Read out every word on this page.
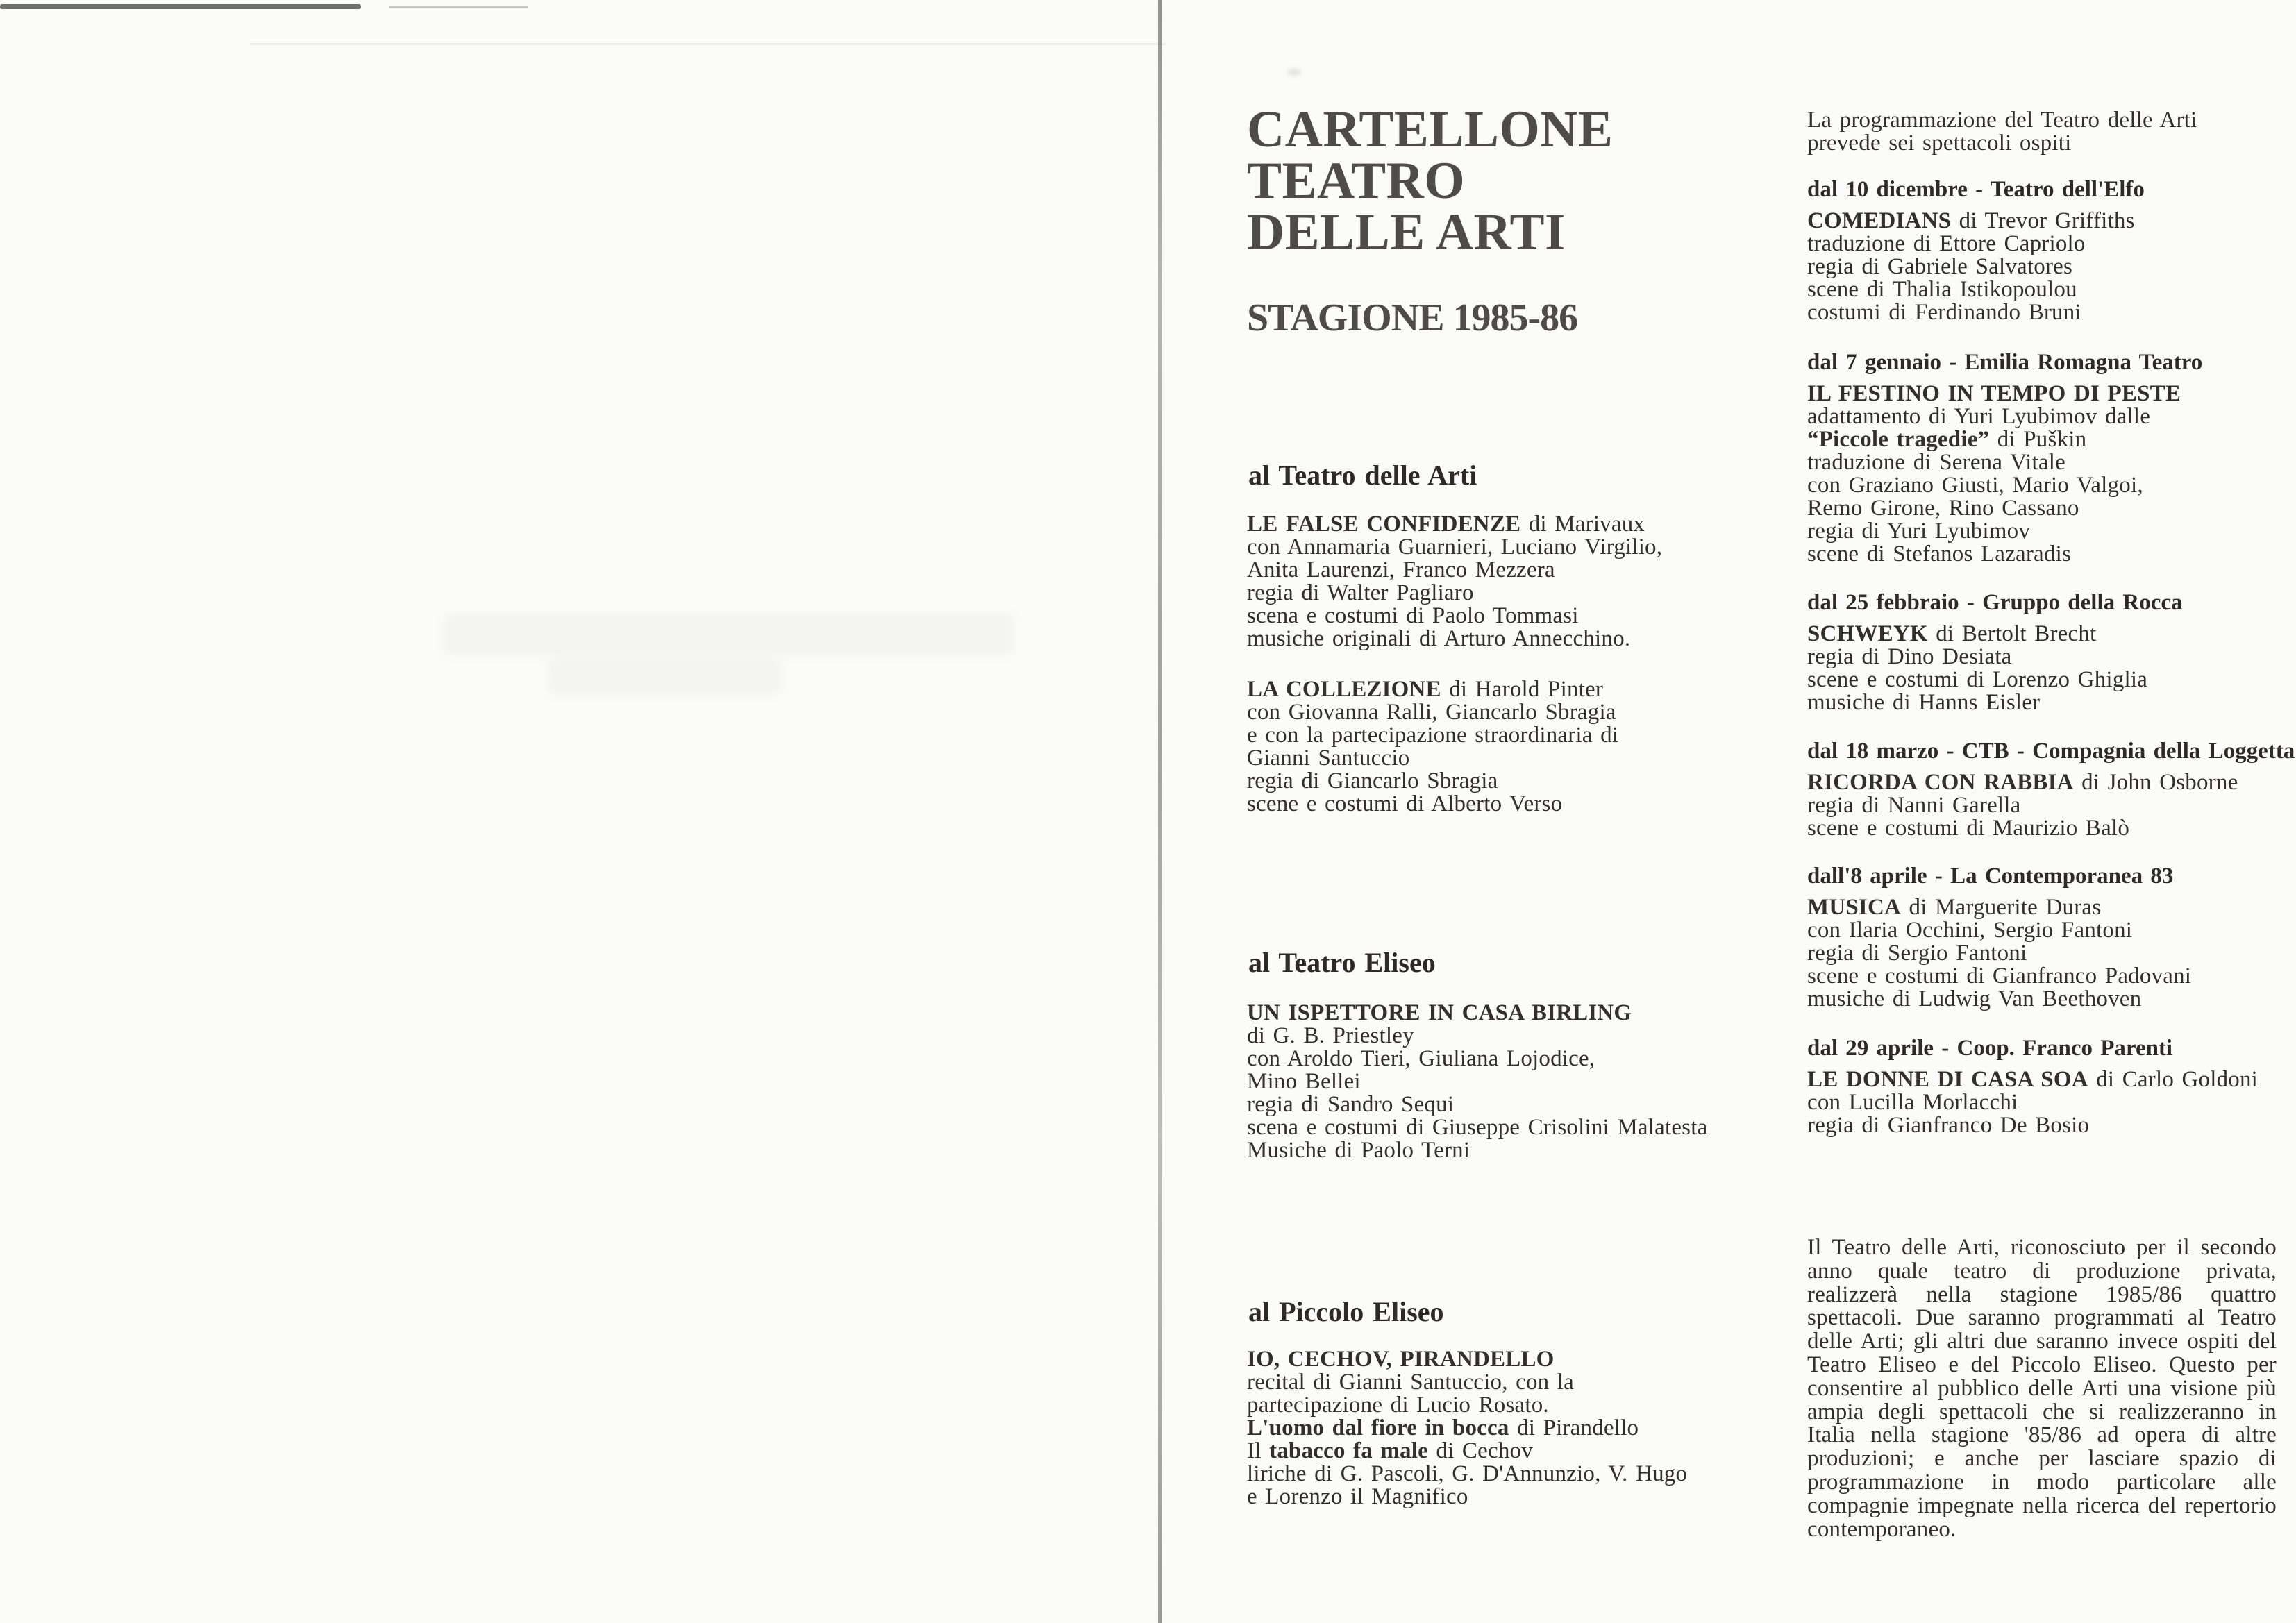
CARTELLONE
TEATRO
DELLE ARTI
STAGIONE 1985-86
al Teatro delle Arti
LE FALSE CONFIDENZE di Marivaux
con Annamaria Guarnieri, Luciano Virgilio,
Anita Laurenzi, Franco Mezzera
regia di Walter Pagliaro
scena e costumi di Paolo Tommasi
musiche originali di Arturo Annecchino.
LA COLLEZIONE di Harold Pinter
con Giovanna Ralli, Giancarlo Sbragia
e con la partecipazione straordinaria di
Gianni Santuccio
regia di Giancarlo Sbragia
scene e costumi di Alberto Verso
al Teatro Eliseo
UN ISPETTORE IN CASA BIRLING
di G. B. Priestley
con Aroldo Tieri, Giuliana Lojodice,
Mino Bellei
regia di Sandro Sequi
scena e costumi di Giuseppe Crisolini Malatesta
Musiche di Paolo Terni
al Piccolo Eliseo
IO, CECHOV, PIRANDELLO
recital di Gianni Santuccio, con la
partecipazione di Lucio Rosato.
L'uomo dal fiore in bocca di Pirandello
Il tabacco fa male di Cechov
liriche di G. Pascoli, G. D'Annunzio, V. Hugo
e Lorenzo il Magnifico
La programmazione del Teatro delle Arti
prevede sei spettacoli ospiti
dal 10 dicembre - Teatro dell'Elfo
COMEDIANS di Trevor Griffiths
traduzione di Ettore Capriolo
regia di Gabriele Salvatores
scene di Thalia Istikopoulou
costumi di Ferdinando Bruni
dal 7 gennaio - Emilia Romagna Teatro
IL FESTINO IN TEMPO DI PESTE
adattamento di Yuri Lyubimov dalle
“Piccole tragedie” di Puškin
traduzione di Serena Vitale
con Graziano Giusti, Mario Valgoi,
Remo Girone, Rino Cassano
regia di Yuri Lyubimov
scene di Stefanos Lazaradis
dal 25 febbraio - Gruppo della Rocca
SCHWEYK di Bertolt Brecht
regia di Dino Desiata
scene e costumi di Lorenzo Ghiglia
musiche di Hanns Eisler
dal 18 marzo - CTB - Compagnia della Loggetta
RICORDA CON RABBIA di John Osborne
regia di Nanni Garella
scene e costumi di Maurizio Balò
dall'8 aprile - La Contemporanea 83
MUSICA di Marguerite Duras
con Ilaria Occhini, Sergio Fantoni
regia di Sergio Fantoni
scene e costumi di Gianfranco Padovani
musiche di Ludwig Van Beethoven
dal 29 aprile - Coop. Franco Parenti
LE DONNE DI CASA SOA di Carlo Goldoni
con Lucilla Morlacchi
regia di Gianfranco De Bosio
Il Teatro delle Arti, riconosciuto per il secondo anno quale teatro di produzione privata, realizzerà nella stagione 1985/86 quattro spettacoli. Due saranno programmati al Teatro delle Arti; gli altri due saranno invece ospiti del Teatro Eliseo e del Piccolo Eliseo. Questo per consentire al pubblico delle Arti una visione più ampia degli spettacoli che si realizzeranno in Italia nella stagione '85/86 ad opera di altre produzioni; e anche per lasciare spazio di programmazione in modo particolare alle compagnie impegnate nella ricerca del repertorio contemporaneo.
